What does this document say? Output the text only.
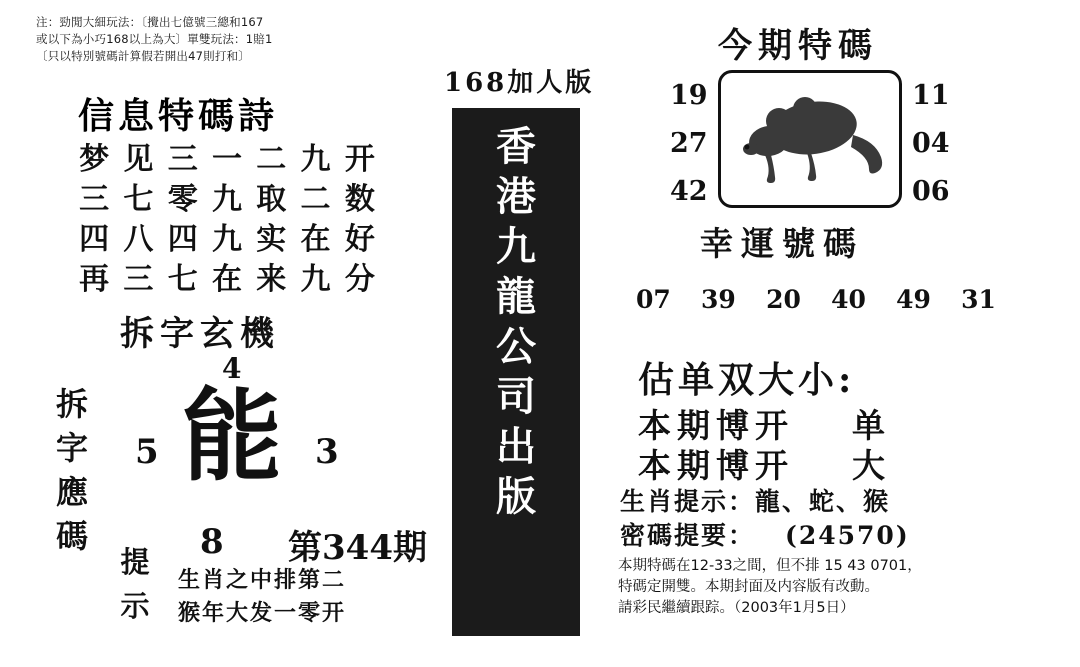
注：勁閒大細玩法：〔攪出七億號三總和167
或以下為小巧168以上為大〕單雙玩法：1賠1
〔只以特別號碼計算假若開出47則打和〕
信息特碼詩
梦 见 三 一 二 九 开
三 七 零 九 取 二 数
四 八 四 九 实 在 好
再 三 七 在 来 九 分
拆字玄機
拆字應碼
提示
4
5	3
8
能
第344期
生肖之中排第二
猴年大发一零开
168加人版
香
港
九
龍
公
司
出
版
今期特碼
19
27
42
11
04
06
幸運號碼
07 39 20 40 49 31
估单双大小:
本期博开 单
本期博开 大
生肖提示：龍、蛇、猴
密碼提要： (24570)
本期特碼在12-33之間，但不排 15 43 0701，
特碼定開雙。本期封面及内容版有改動。
請彩民繼續跟踪。（2003年1月5日）
